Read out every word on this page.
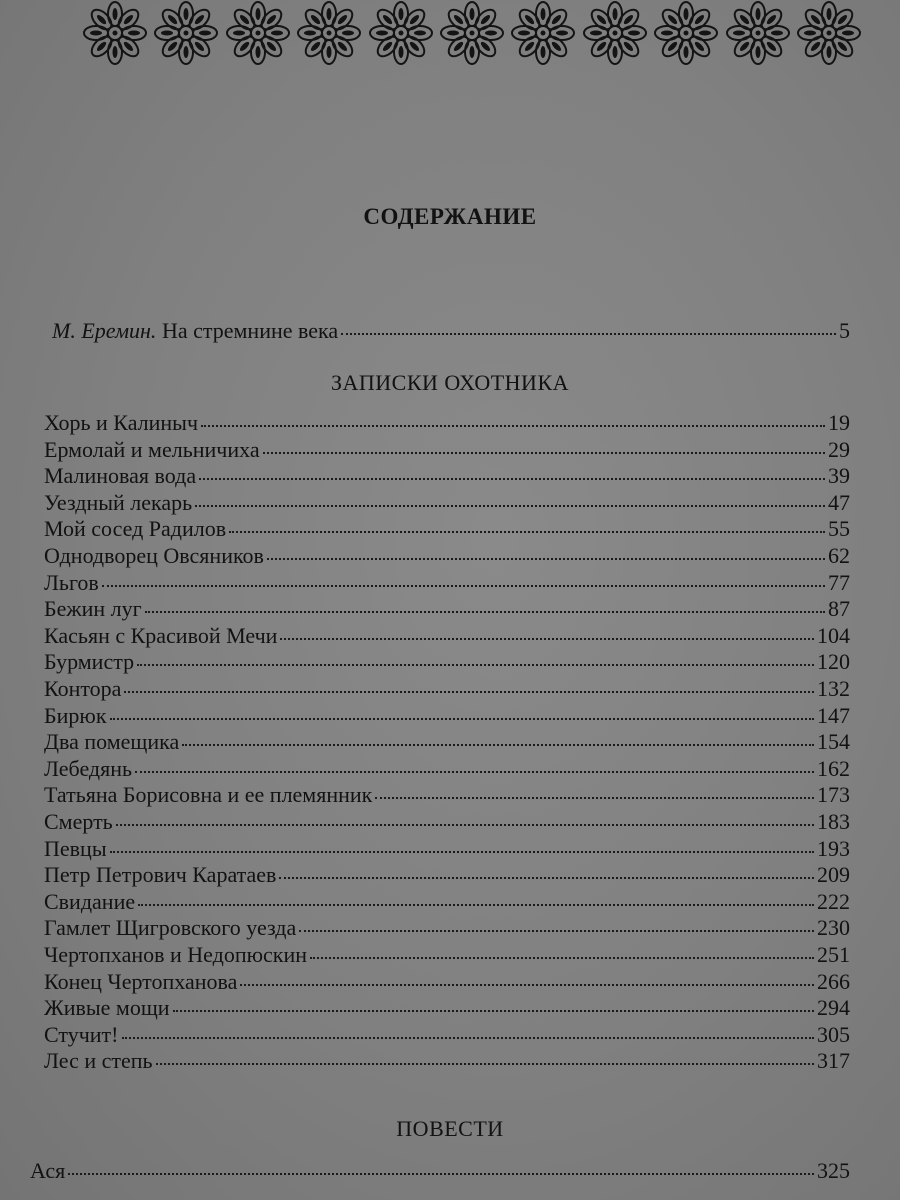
СОДЕРЖАНИЕ
М. Еремин. На стремнине века	5
ЗАПИСКИ ОХОТНИКА
Хорь и Калиныч	19
Ермолай и мельничиха	29
Малиновая вода	39
Уездный лекарь	47
Мой сосед Радилов	55
Однодворец Овсяников	62
Льгов	77
Бежин луг	87
Касьян с Красивой Мечи	104
Бурмистр	120
Контора	132
Бирюк	147
Два помещика	154
Лебедянь	162
Татьяна Борисовна и ее племянник	173
Смерть	183
Певцы	193
Петр Петрович Каратаев	209
Свидание	222
Гамлет Щигровского уезда	230
Чертопханов и Недопюскин	251
Конец Чертопханова	266
Живые мощи	294
Стучит!	305
Лес и степь	317
ПОВЕСТИ
Ася	325
